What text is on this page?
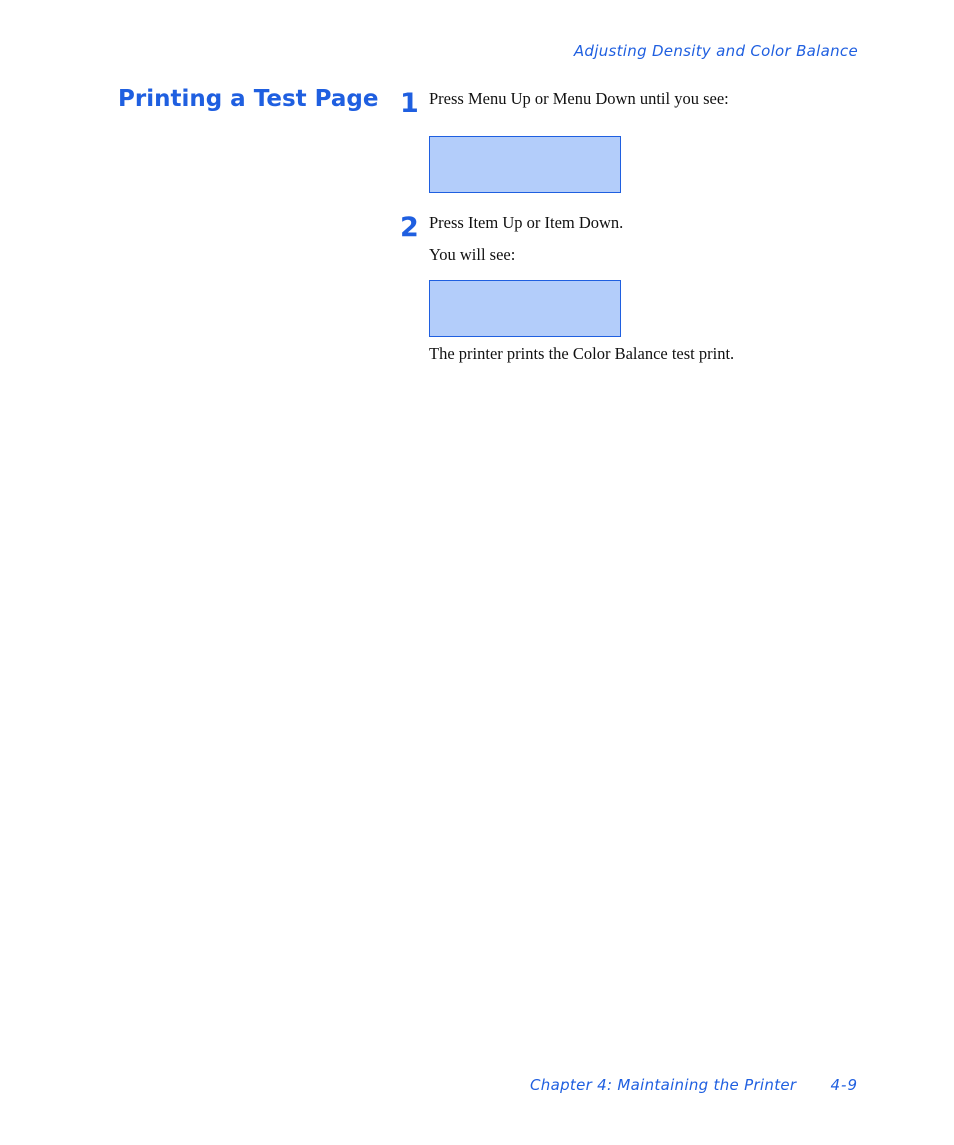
Adjusting Density and Color Balance
Printing a Test Page 1 Press Menu Up or Menu Down until you see:

2 Press Item Up or Item Down.

You will see:

The printer prints the Color Balance test print.

Chapter 4: Maintaining the Printer 4-9
